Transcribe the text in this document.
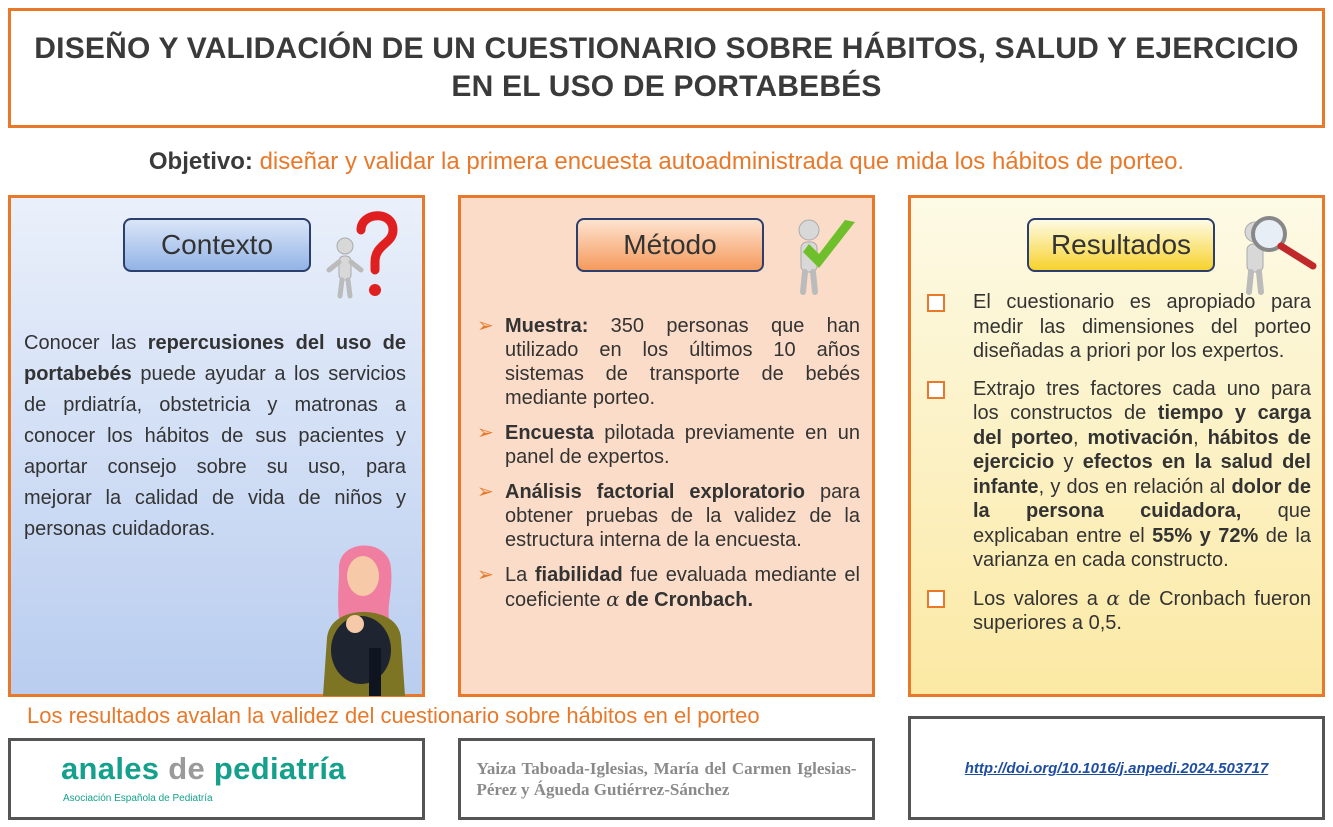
DISEÑO Y VALIDACIÓN DE UN CUESTIONARIO SOBRE HÁBITOS, SALUD Y EJERCICIO
EN EL USO DE PORTABEBÉS
Objetivo: diseñar y validar la primera encuesta autoadministrada que mida los hábitos de porteo.
Contexto
Conocer las repercusiones del uso de portabebés puede ayudar a los servicios de prdiatría, obstetricia y matronas a conocer los hábitos de sus pacientes y aportar consejo sobre su uso, para mejorar la calidad de vida de niños y personas cuidadoras.
Método
➢ Muestra: 350 personas que han utilizado en los últimos 10 años sistemas de transporte de bebés mediante porteo.
➢ Encuesta pilotada previamente en un panel de expertos.
➢ Análisis factorial exploratorio para obtener pruebas de la validez de la estructura interna de la encuesta.
➢ La fiabilidad fue evaluada mediante el coeficiente α de Cronbach.
Resultados
El cuestionario es apropiado para medir las dimensiones del porteo diseñadas a priori por los expertos.
Extrajo tres factores cada uno para los constructos de tiempo y carga del porteo, motivación, hábitos de ejercicio y efectos en la salud del infante, y dos en relación al dolor de la persona cuidadora, que explicaban entre el 55% y 72% de la varianza en cada constructo.
Los valores a α de Cronbach fueron superiores a 0,5.
Los resultados avalan la validez del cuestionario sobre hábitos en el porteo
anales de pediatría
Asociación Española de Pediatría
Yaiza Taboada-Iglesias, María del Carmen Iglesias-Pérez y Águeda Gutiérrez-Sánchez
http://doi.org/10.1016/j.anpedi.2024.503717
